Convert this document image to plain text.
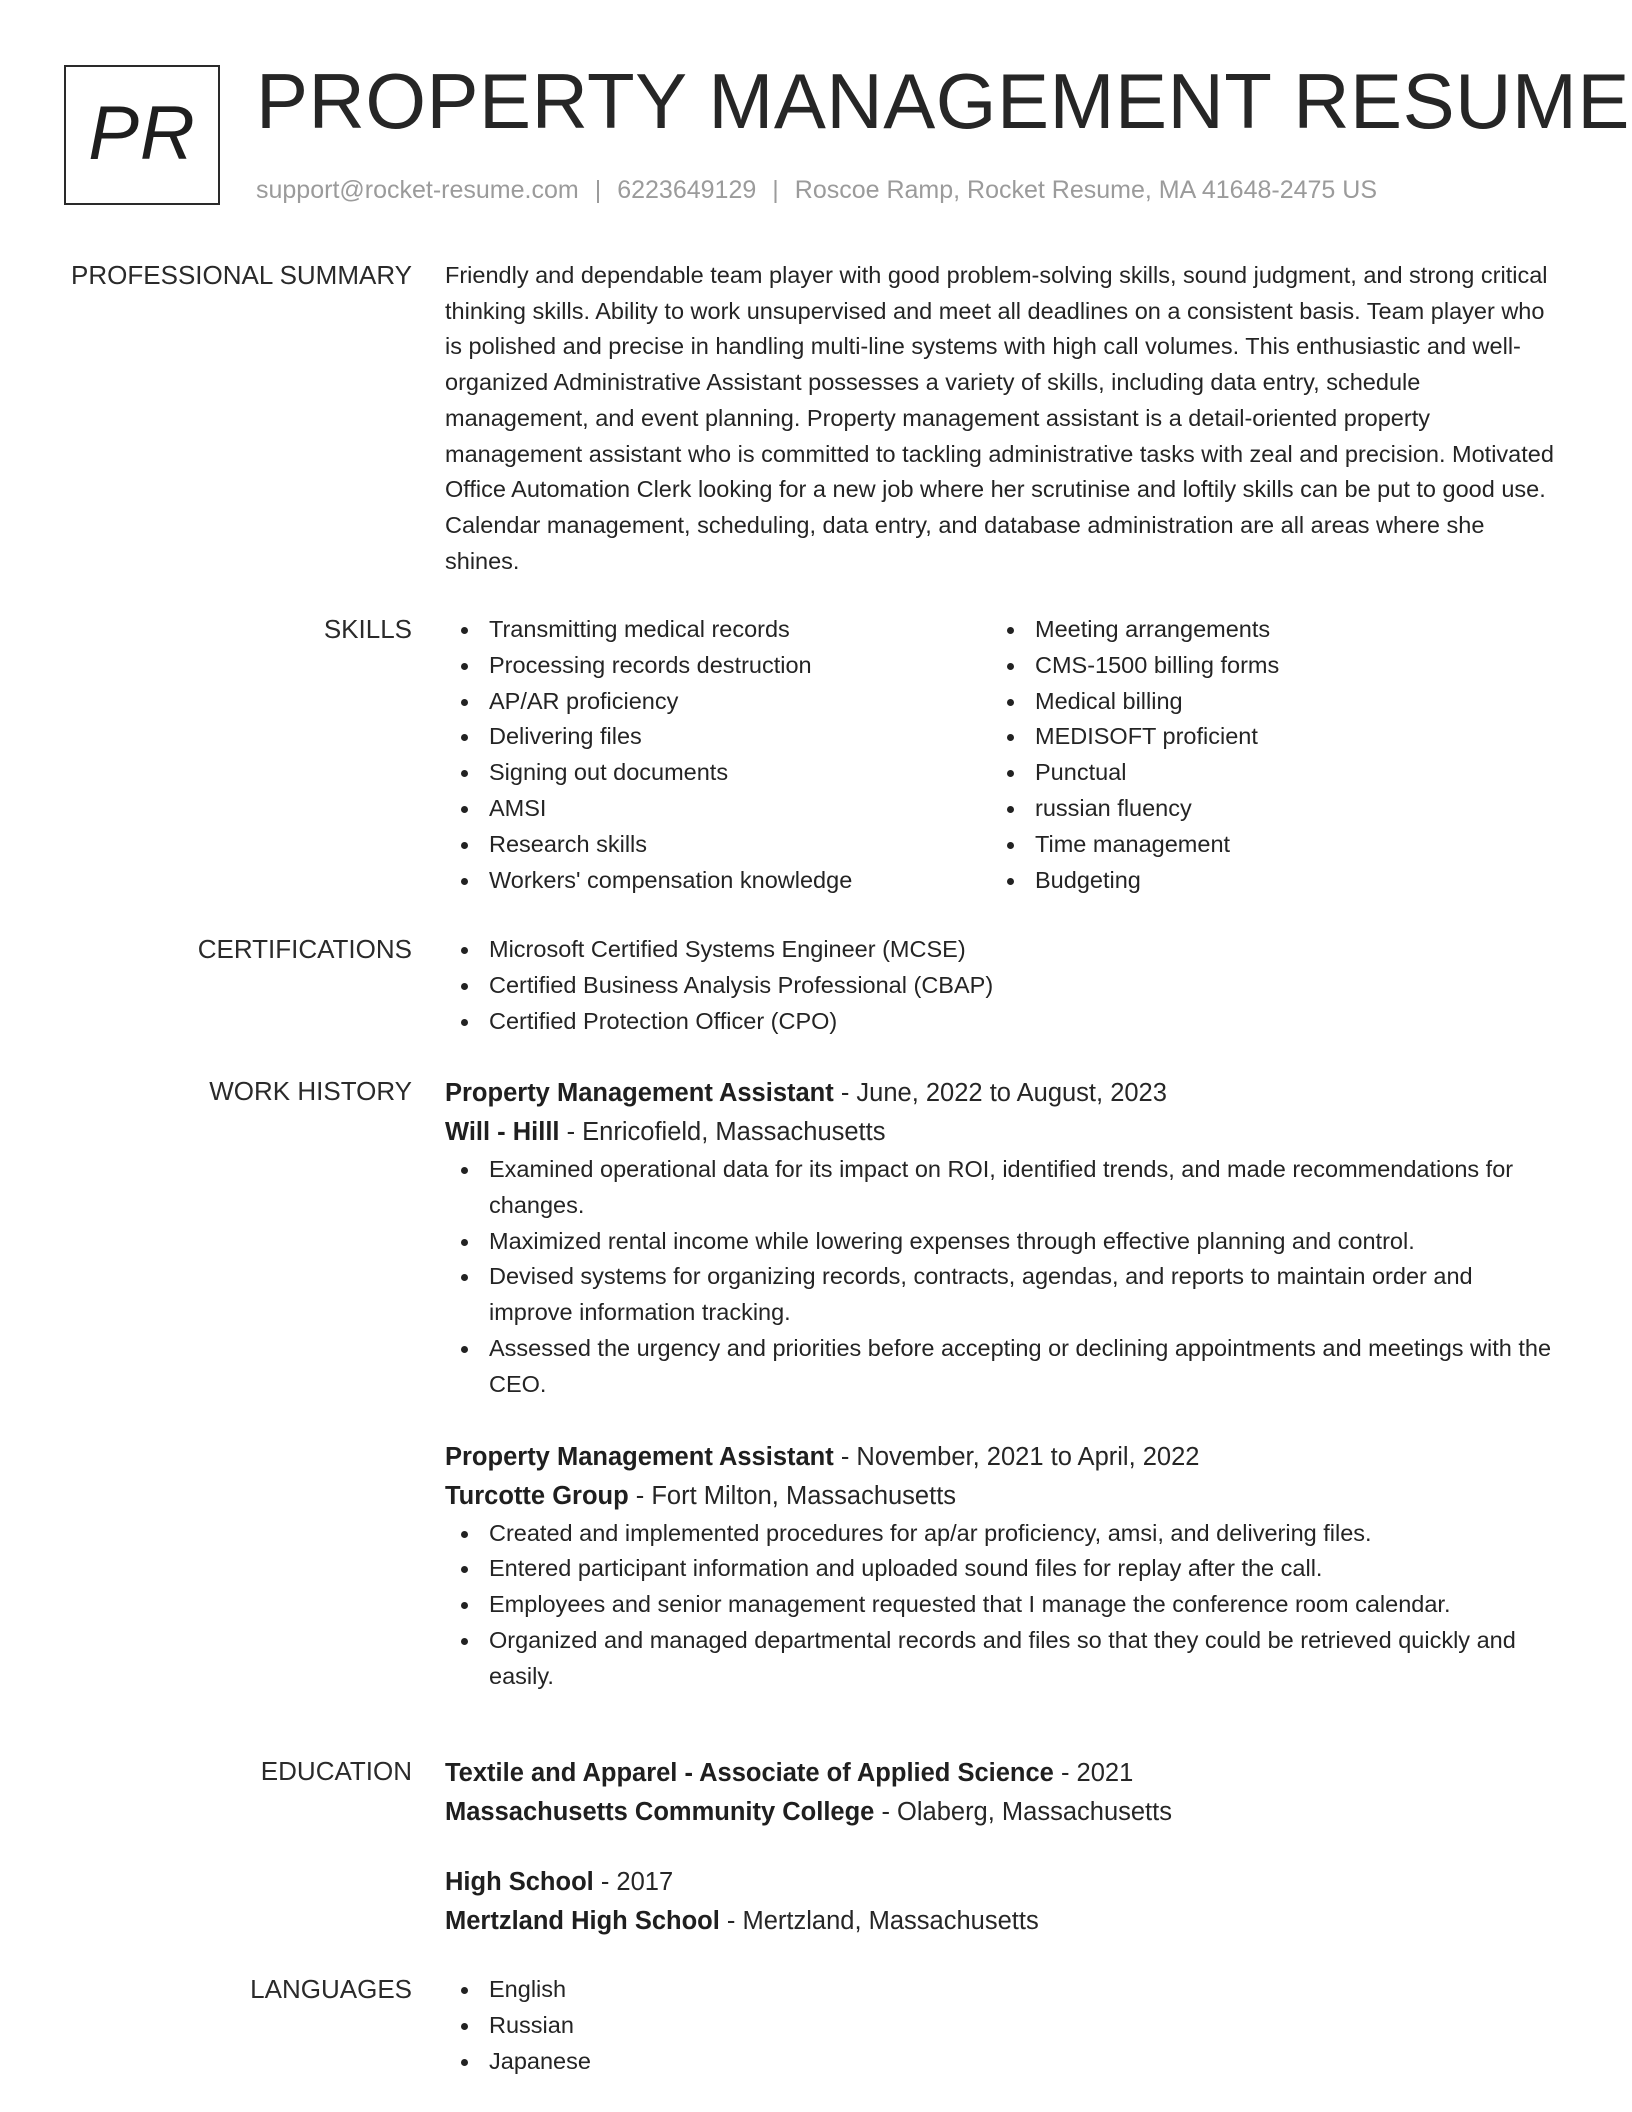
PR PROPERTY MANAGEMENT RESUME
support@rocket-resume.com | 6223649129 | Roscoe Ramp, Rocket Resume, MA 41648-2475 US
PROFESSIONAL SUMMARY Friendly and dependable team player with good problem-solving skills, sound judgment, and strong critical thinking skills. Ability to work unsupervised and meet all deadlines on a consistent basis. Team player who is polished and precise in handling multi-line systems with high call volumes. This enthusiastic and well-organized Administrative Assistant possesses a variety of skills, including data entry, schedule management, and event planning. Property management assistant is a detail-oriented property management assistant who is committed to tackling administrative tasks with zeal and precision. Motivated Office Automation Clerk looking for a new job where her scrutinise and loftily skills can be put to good use. Calendar management, scheduling, data entry, and database administration are all areas where she shines.

SKILLS	Transmitting medical records
Processing records destruction
AP/AR proficiency
Delivering files
Signing out documents
AMSI
Research skills
Workers' compensation knowledge
Meeting arrangements
CMS-1500 billing forms
Medical billing
MEDISOFT proficient
Punctual
russian fluency
Time management
Budgeting
CERTIFICATIONS	Microsoft Certified Systems Engineer (MCSE)
Certified Business Analysis Professional (CBAP)
Certified Protection Officer (CPO)
WORK HISTORY Property Management Assistant - June, 2022 to August, 2023
Will - Hilll - Enricofield, Massachusetts
Examined operational data for its impact on ROI, identified trends, and made recommendations for changes.
Maximized rental income while lowering expenses through effective planning and control.
Devised systems for organizing records, contracts, agendas, and reports to maintain order and improve information tracking.
Assessed the urgency and priorities before accepting or declining appointments and meetings with the CEO.
Property Management Assistant - November, 2021 to April, 2022
Turcotte Group - Fort Milton, Massachusetts
Created and implemented procedures for ap/ar proficiency, amsi, and delivering files.
Entered participant information and uploaded sound files for replay after the call.
Employees and senior management requested that I manage the conference room calendar.
Organized and managed departmental records and files so that they could be retrieved quickly and easily.
EDUCATION Textile and Apparel - Associate of Applied Science - 2021
Massachusetts Community College - Olaberg, Massachusetts
High School - 2017
Mertzland High School - Mertzland, Massachusetts
LANGUAGES	English
Russian
Japanese
